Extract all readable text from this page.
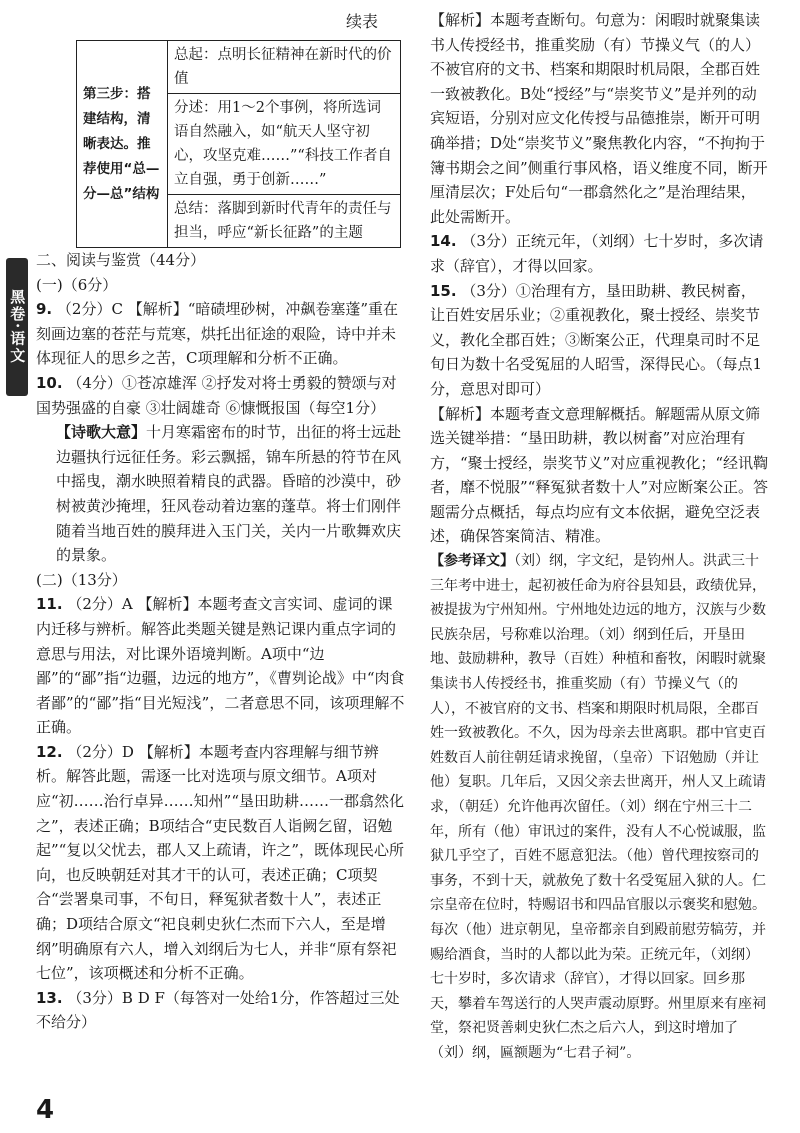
黑卷·语文
4
续表
第三步：搭建结构，清晰表达。推荐使用“总—分—总”结构	总起：点明长征精神在新时代的价值
分述：用1～2个事例，将所选词语自然融入，如“航天人坚守初心，攻坚克难……”“科技工作者自立自强，勇于创新……”
总结：落脚到新时代青年的责任与担当，呼应“新长征路”的主题

二、阅读与鉴赏（44分）

(一)（6分）

9. （2分）C 【解析】“暗碛埋砂树，冲飙卷塞蓬”重在刻画边塞的苍茫与荒寒，烘托出征途的艰险，诗中并未体现征人的思乡之苦，C项理解和分析不正确。

10. （4分）①苍凉雄浑 ②抒发对将士勇毅的赞颂与对国势强盛的自豪 ③壮阔雄奇 ⑥慷慨报国（每空1分）

【诗歌大意】十月寒霜密布的时节，出征的将士远赴边疆执行远征任务。彩云飘摇，锦车所悬的符节在风中摇曳，潮水映照着精良的武器。昏暗的沙漠中，砂树被黄沙掩埋，狂风卷动着边塞的蓬草。将士们刚伴随着当地百姓的膜拜进入玉门关，关内一片歌舞欢庆的景象。

(二)（13分）

11. （2分）A 【解析】本题考查文言实词、虚词的课内迁移与辨析。解答此类题关键是熟记课内重点字词的意思与用法，对比课外语境判断。A项中“边鄙”的“鄙”指“边疆，边远的地方”，《曹刿论战》中“肉食者鄙”的“鄙”指“目光短浅”，二者意思不同，该项理解不正确。

12. （2分）D 【解析】本题考查内容理解与细节辨析。解答此题，需逐一比对选项与原文细节。A项对应“初……治行卓异……知州”“垦田助耕……一郡翕然化之”，表述正确；B项结合“吏民数百人诣阙乞留，诏勉起”“复以父忧去，郡人又上疏请，许之”，既体现民心所向，也反映朝廷对其才干的认可，表述正确；C项契合“尝署臬司事，不旬日，释冤狱者数十人”，表述正确；D项结合原文“祀良刺史狄仁杰而下六人，至是增纲”明确原有六人，增入刘纲后为七人，并非“原有祭祀七位”，该项概述和分析不正确。

13. （3分）B D F（每答对一处给1分，作答超过三处不给分）

【解析】本题考查断句。句意为：闲暇时就聚集读书人传授经书，推重奖励（有）节操义气（的人）不被官府的文书、档案和期限时机局限，全郡百姓一致被教化。B处“授经”与“崇奖节义”是并列的动宾短语，分别对应文化传授与品德推崇，断开可明确举措；D处“崇奖节义”聚焦教化内容，“不拘拘于簿书期会之间”侧重行事风格，语义维度不同，断开厘清层次；F处后句“一郡翕然化之”是治理结果，此处需断开。

14. （3分）正统元年，（刘纲）七十岁时，多次请求（辞官），才得以回家。

15. （3分）①治理有方，垦田助耕、教民树畜，让百姓安居乐业；②重视教化，聚士授经、崇奖节义，教化全郡百姓；③断案公正，代理臬司时不足旬日为数十名受冤屈的人昭雪，深得民心。（每点1分，意思对即可）

【解析】本题考查文意理解概括。解题需从原文筛选关键举措：“垦田助耕，教以树畜”对应治理有方，“聚士授经，崇奖节义”对应重视教化；“经讯鞫者，靡不悦服”“释冤狱者数十人”对应断案公正。答题需分点概括，每点均应有文本依据，避免空泛表述，确保答案简洁、精准。

【参考译文】（刘）纲，字文纪，是钧州人。洪武三十三年考中进士，起初被任命为府谷县知县，政绩优异，被提拔为宁州知州。宁州地处边远的地方，汉族与少数民族杂居，号称难以治理。（刘）纲到任后，开垦田地、鼓励耕种，教导（百姓）种植和畜牧，闲暇时就聚集读书人传授经书，推重奖励（有）节操义气（的人），不被官府的文书、档案和期限时机局限，全郡百姓一致被教化。不久，因为母亲去世离职。郡中官吏百姓数百人前往朝廷请求挽留，（皇帝）下诏勉励（并让他）复职。几年后，又因父亲去世离开，州人又上疏请求，（朝廷）允许他再次留任。（刘）纲在宁州三十二年，所有（他）审讯过的案件，没有人不心悦诚服，监狱几乎空了，百姓不愿意犯法。（他）曾代理按察司的事务，不到十天，就赦免了数十名受冤屈入狱的人。仁宗皇帝在位时，特赐诏书和四品官服以示褒奖和慰勉。每次（他）进京朝见，皇帝都亲自到殿前慰劳犒劳，并赐给酒食，当时的人都以此为荣。正统元年，（刘纲）七十岁时，多次请求（辞官），才得以回家。回乡那天，攀着车驾送行的人哭声震动原野。州里原来有座祠堂，祭祀贤善刺史狄仁杰之后六人，到这时增加了（刘）纲，匾额题为“七君子祠”。
